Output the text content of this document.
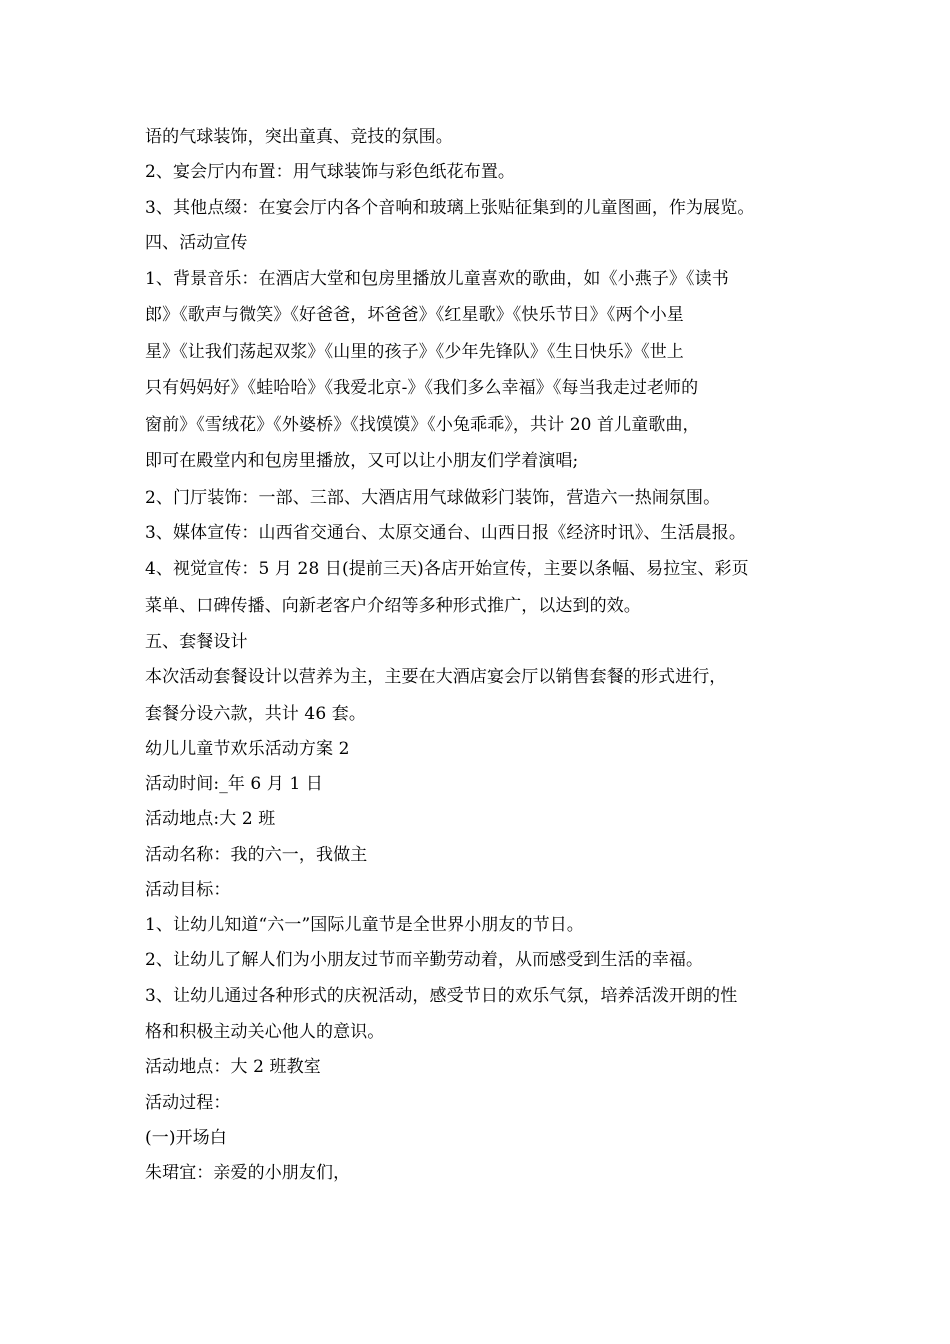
语的气球装饰，突出童真、竞技的氛围。
2、宴会厅内布置：用气球装饰与彩色纸花布置。
3、其他点缀：在宴会厅内各个音响和玻璃上张贴征集到的儿童图画，作为展览。
四、活动宣传
1、背景音乐：在酒店大堂和包房里播放儿童喜欢的歌曲，如《小燕子》《读书
郎》《歌声与微笑》《好爸爸，坏爸爸》《红星歌》《快乐节日》《两个小星
星》《让我们荡起双浆》《山里的孩子》《少年先锋队》《生日快乐》《世上
只有妈妈好》《蛙哈哈》《我爱北京-》《我们多么幸福》《每当我走过老师的
窗前》《雪绒花》《外婆桥》《找馍馍》《小兔乖乖》，共计 20 首儿童歌曲，
即可在殿堂内和包房里播放，又可以让小朋友们学着演唱;
2、门厅装饰：一部、三部、大酒店用气球做彩门装饰，营造六一热闹氛围。
3、媒体宣传：山西省交通台、太原交通台、山西日报《经济时讯》、生活晨报。
4、视觉宣传：5 月 28 日(提前三天)各店开始宣传，主要以条幅、易拉宝、彩页
菜单、口碑传播、向新老客户介绍等多种形式推广，以达到的效。
五、套餐设计
本次活动套餐设计以营养为主，主要在大酒店宴会厅以销售套餐的形式进行，
套餐分设六款，共计 46 套。
幼儿儿童节欢乐活动方案 2
活动时间:_年 6 月 1 日
活动地点:大 2 班
活动名称：我的六一，我做主
活动目标：
1、让幼儿知道“六一”国际儿童节是全世界小朋友的节日。
2、让幼儿了解人们为小朋友过节而辛勤劳动着，从而感受到生活的幸福。
3、让幼儿通过各种形式的庆祝活动，感受节日的欢乐气氛，培养活泼开朗的性
格和积极主动关心他人的意识。
活动地点：大 2 班教室
活动过程：
(一)开场白
朱珺宜：亲爱的小朋友们，
